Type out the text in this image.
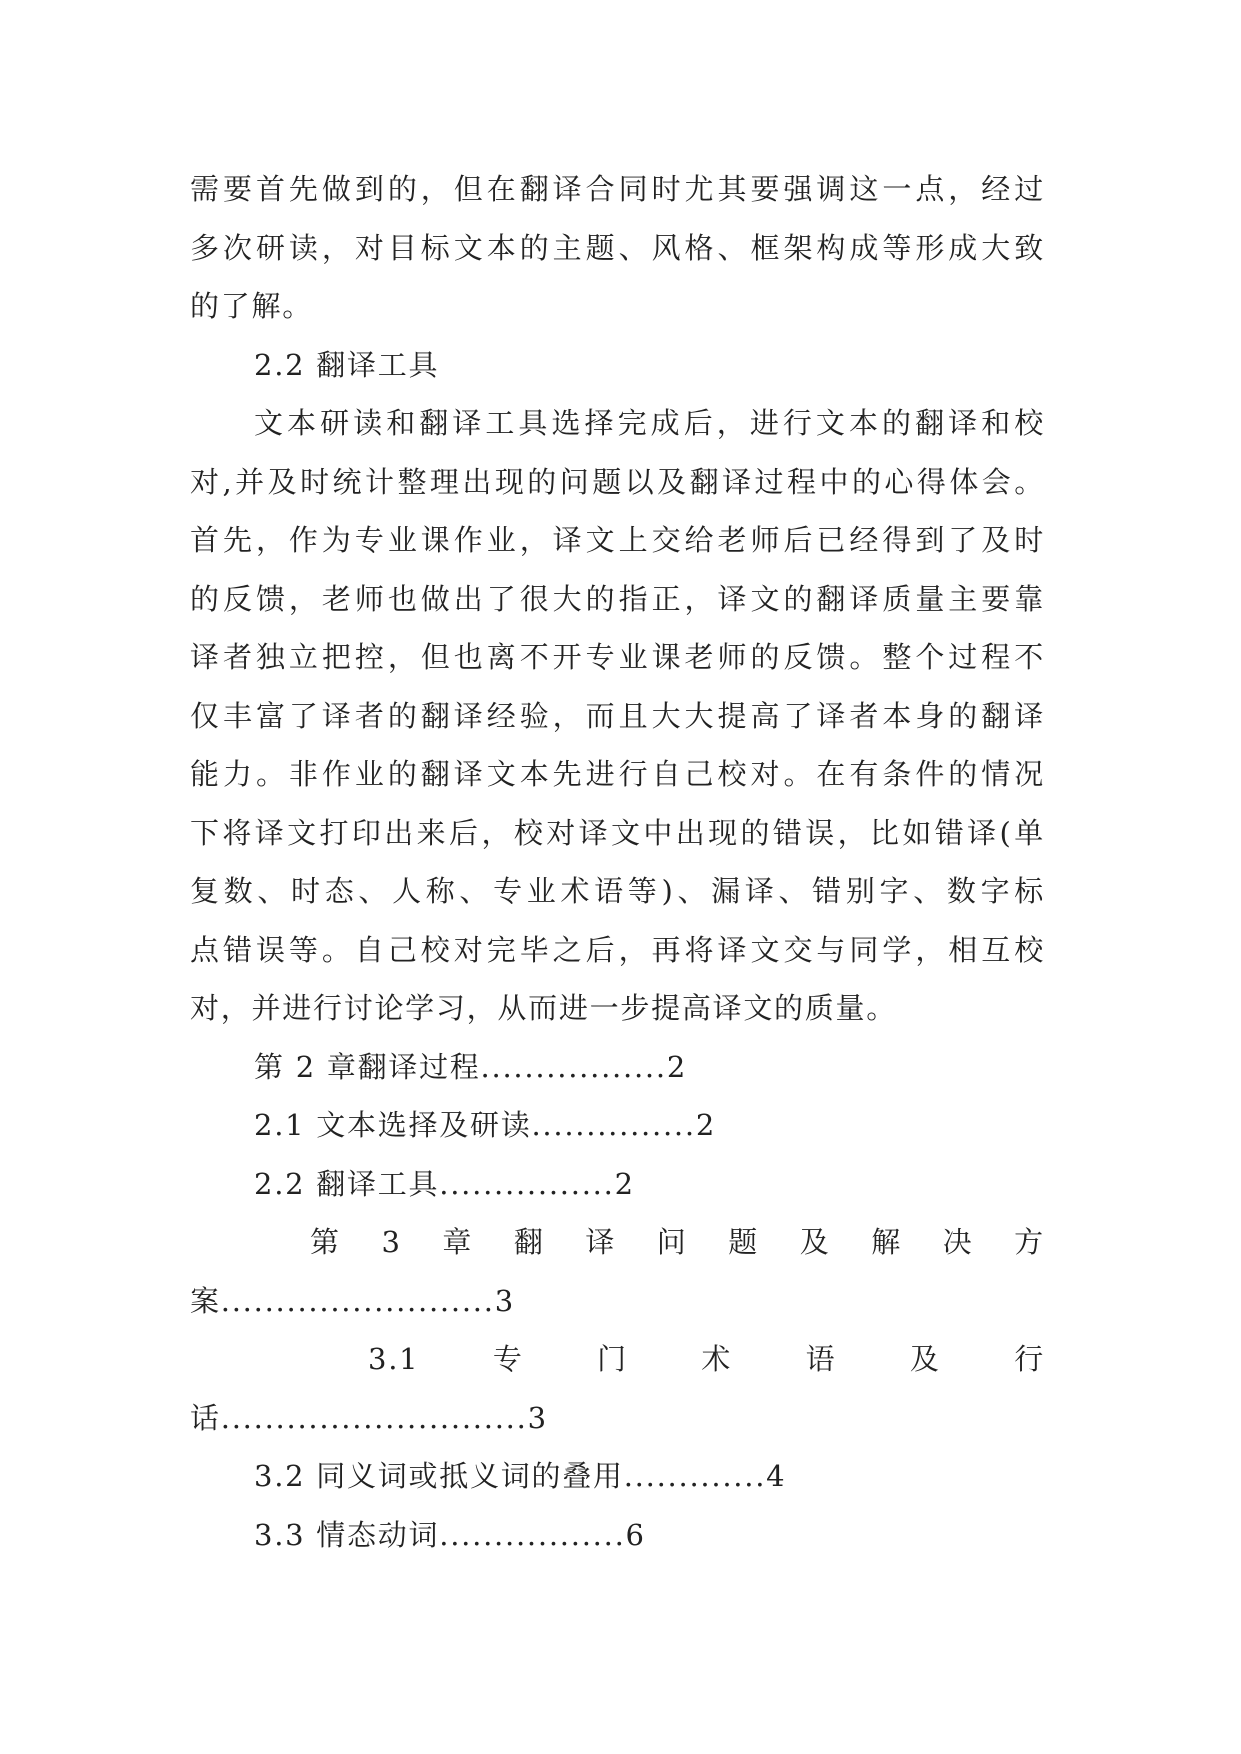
需要首先做到的，但在翻译合同时尤其要强调这一点，经过
多次研读，对目标文本的主题、风格、框架构成等形成大致
的了解。
2.2 翻译工具
文本研读和翻译工具选择完成后，进行文本的翻译和校
对,并及时统计整理出现的问题以及翻译过程中的心得体会。
首先，作为专业课作业，译文上交给老师后已经得到了及时
的反馈，老师也做出了很大的指正，译文的翻译质量主要靠
译者独立把控，但也离不开专业课老师的反馈。整个过程不
仅丰富了译者的翻译经验，而且大大提高了译者本身的翻译
能力。非作业的翻译文本先进行自己校对。在有条件的情况
下将译文打印出来后，校对译文中出现的错误，比如错译(单
复数、时态、人称、专业术语等)、漏译、错别字、数字标
点错误等。自己校对完毕之后，再将译文交与同学，相互校
对，并进行讨论学习，从而进一步提高译文的质量。
第 2 章翻译过程.................2
2.1 文本选择及研读...............2
2.2 翻译工具................2
第 3 章 翻 译 问 题 及 解 决 方
案.........................3
3.1	专	门	术	语	及	行
话............................3
3.2 同义词或抵义词的叠用.............4
3.3 情态动词.................6
